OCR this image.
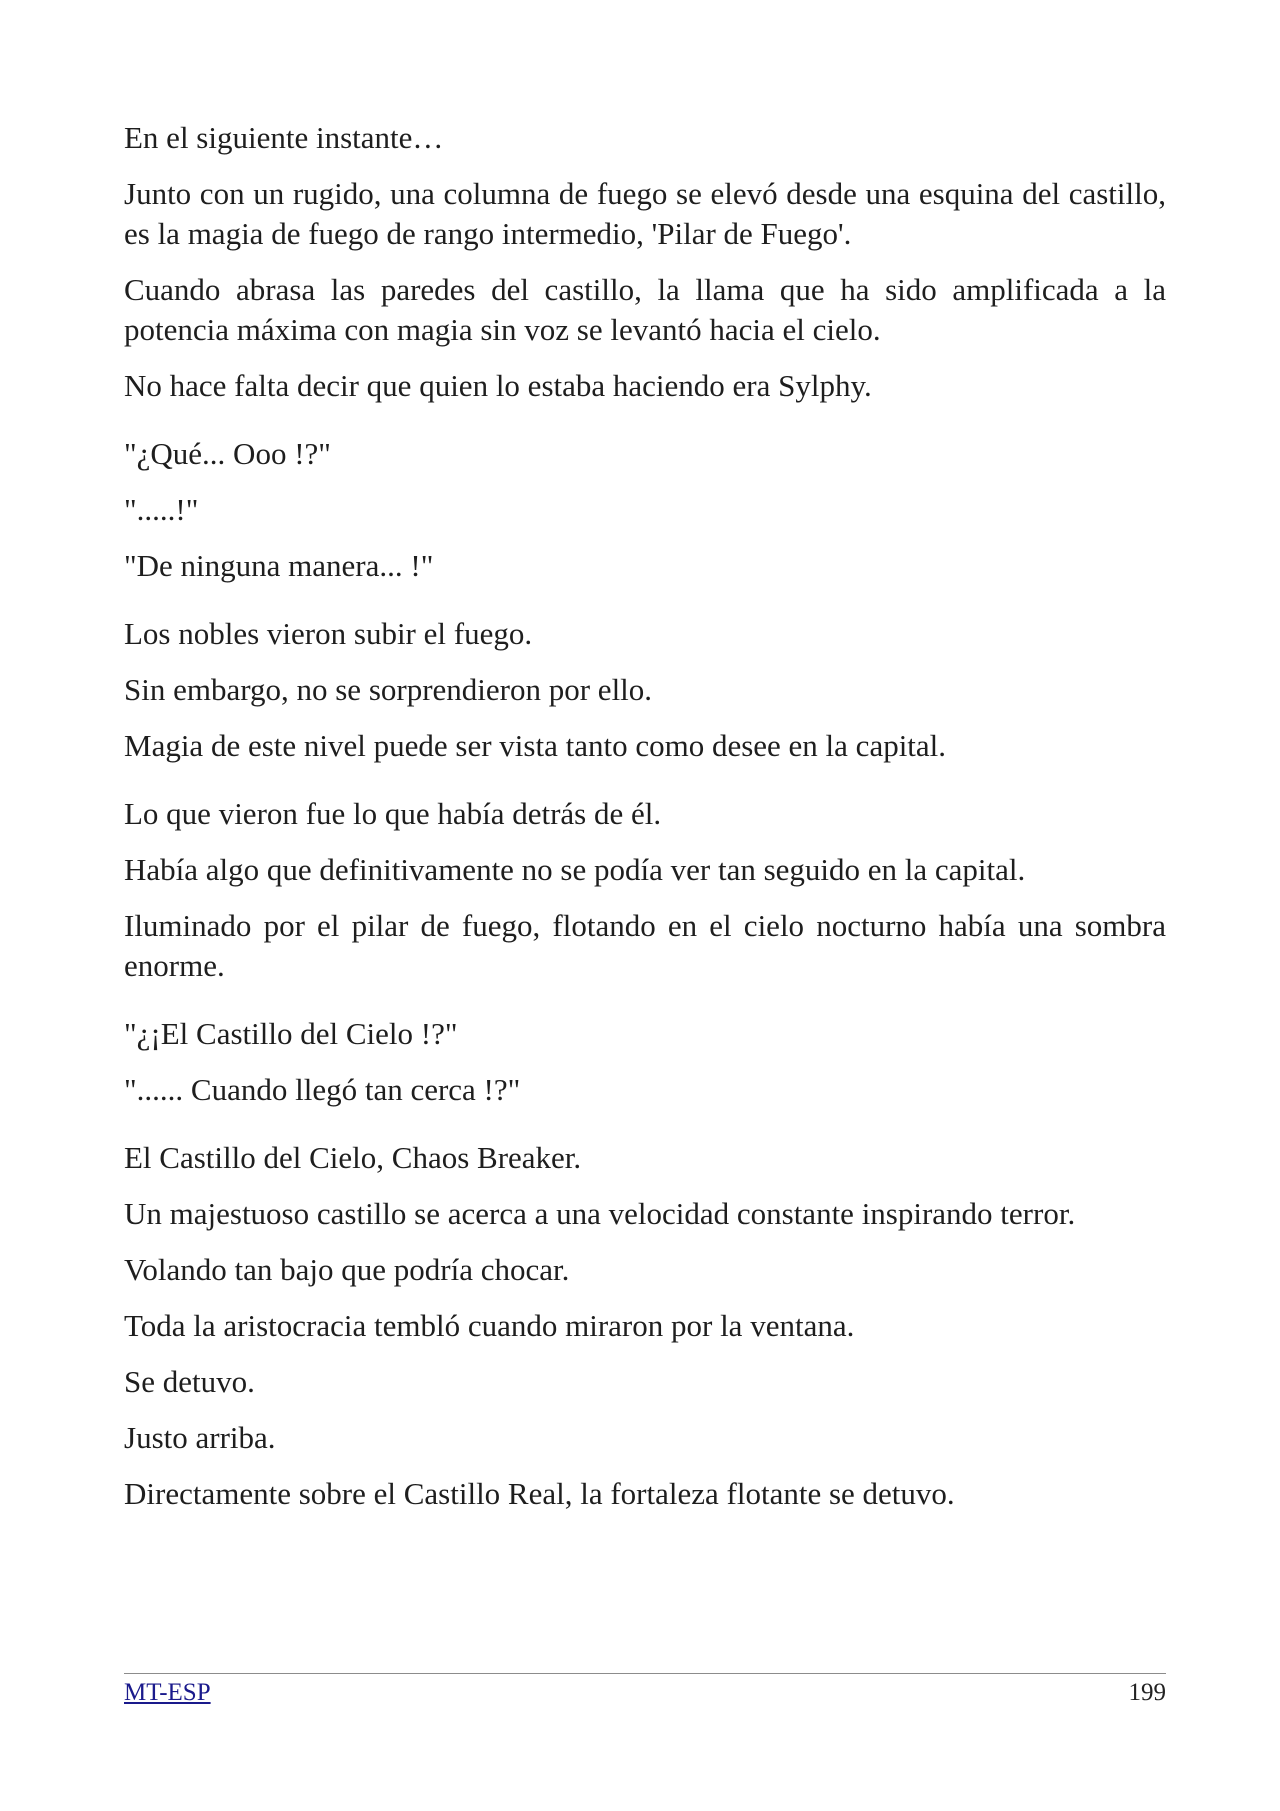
En el siguiente instante…

Junto con un rugido, una columna de fuego se elevó desde una esquina del castillo, es la magia de fuego de rango intermedio, 'Pilar de Fuego'.

Cuando abrasa las paredes del castillo, la llama que ha sido amplificada a la potencia máxima con magia sin voz se levantó hacia el cielo.

No hace falta decir que quien lo estaba haciendo era Sylphy.

"¿Qué... Ooo !?"

".....!"

"De ninguna manera... !"

Los nobles vieron subir el fuego.

Sin embargo, no se sorprendieron por ello.

Magia de este nivel puede ser vista tanto como desee en la capital.

Lo que vieron fue lo que había detrás de él.

Había algo que definitivamente no se podía ver tan seguido en la capital.

Iluminado por el pilar de fuego, flotando en el cielo nocturno había una sombra enorme.

"¿¡El Castillo del Cielo !?"

"...... Cuando llegó tan cerca !?"

El Castillo del Cielo, Chaos Breaker.

Un majestuoso castillo se acerca a una velocidad constante inspirando terror.

Volando tan bajo que podría chocar.

Toda la aristocracia tembló cuando miraron por la ventana.

Se detuvo.

Justo arriba.

Directamente sobre el Castillo Real, la fortaleza flotante se detuvo.

MT-ESP	199
